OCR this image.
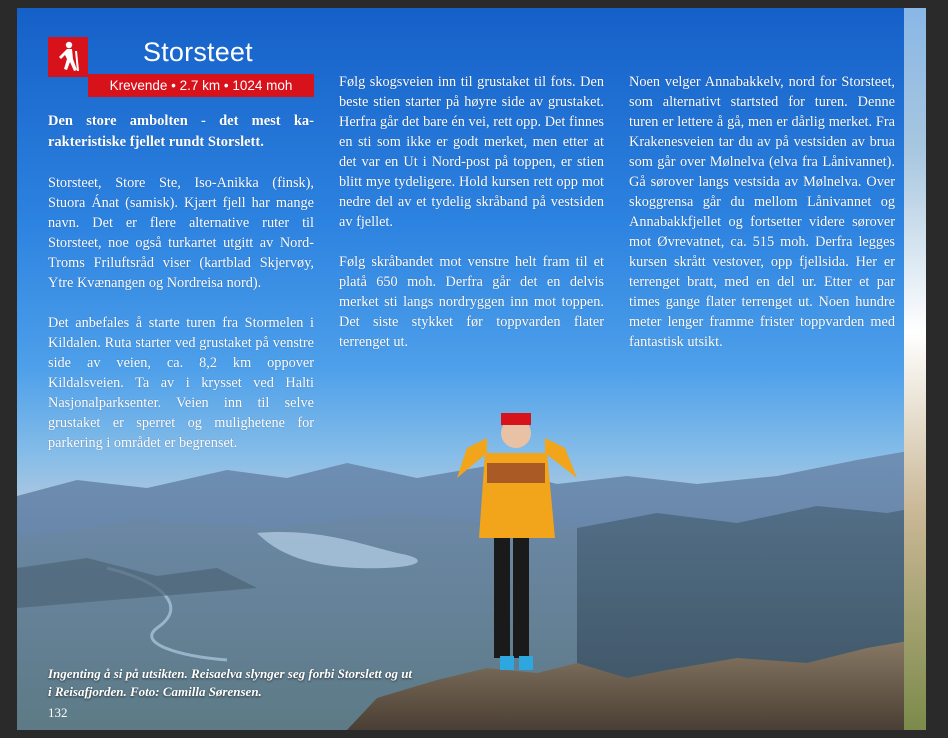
Storsteet
Krevende • 2.7 km • 1024 moh

Den store ambolten - det mest ka-rakteristiske fjellet rundt Storslett.

Storsteet, Store Ste, Iso-Anikka (finsk), Stuora Ánat (samisk). Kjært fjell har mange navn. Det er flere alternative ruter til Storsteet, noe også turkartet utgitt av Nord-Troms Friluftsråd viser (kartblad Skjervøy, Ytre Kvænangen og Nordreisa nord).

Det anbefales å starte turen fra Stormelen i Kildalen. Ruta starter ved grustaket på venstre side av veien, ca. 8,2 km oppover Kildalsveien. Ta av i krysset ved Halti Nasjonalparksenter. Veien inn til selve grustaket er sperret og mulighetene for parkering i området er begrenset.

Følg skogsveien inn til grustaket til fots. Den beste stien starter på høyre side av grustaket. Herfra går det bare én vei, rett opp. Det finnes en sti som ikke er godt merket, men etter at det var en Ut i Nord-post på toppen, er stien blitt mye tydeligere. Hold kursen rett opp mot nedre del av et tydelig skråband på vestsiden av fjellet.

Følg skråbandet mot venstre helt fram til et platå 650 moh. Derfra går det en delvis merket sti langs nordryggen inn mot toppen. Det siste stykket før toppvarden flater terrenget ut.

Noen velger Annabakkelv, nord for Storsteet, som alternativt startsted for turen. Denne turen er lettere å gå, men er dårlig merket. Fra Krakenesveien tar du av på vestsiden av brua som går over Mølnelva (elva fra Lånivannet). Gå sørover langs vestsida av Mølnelva. Over skoggrensa går du mellom Lånivannet og Annabakkfjellet og fortsetter videre sørover mot Øvrevatnet, ca. 515 moh. Derfra legges kursen skrått vestover, opp fjellsida. Her er terrenget bratt, med en del ur. Etter et par times gange flater terrenget ut. Noen hundre meter lenger framme frister toppvarden med fantastisk utsikt.

Ingenting å si på utsikten. Reisaelva slynger seg forbi Storslett og ut i Reisafjorden. Foto: Camilla Sørensen.
132
